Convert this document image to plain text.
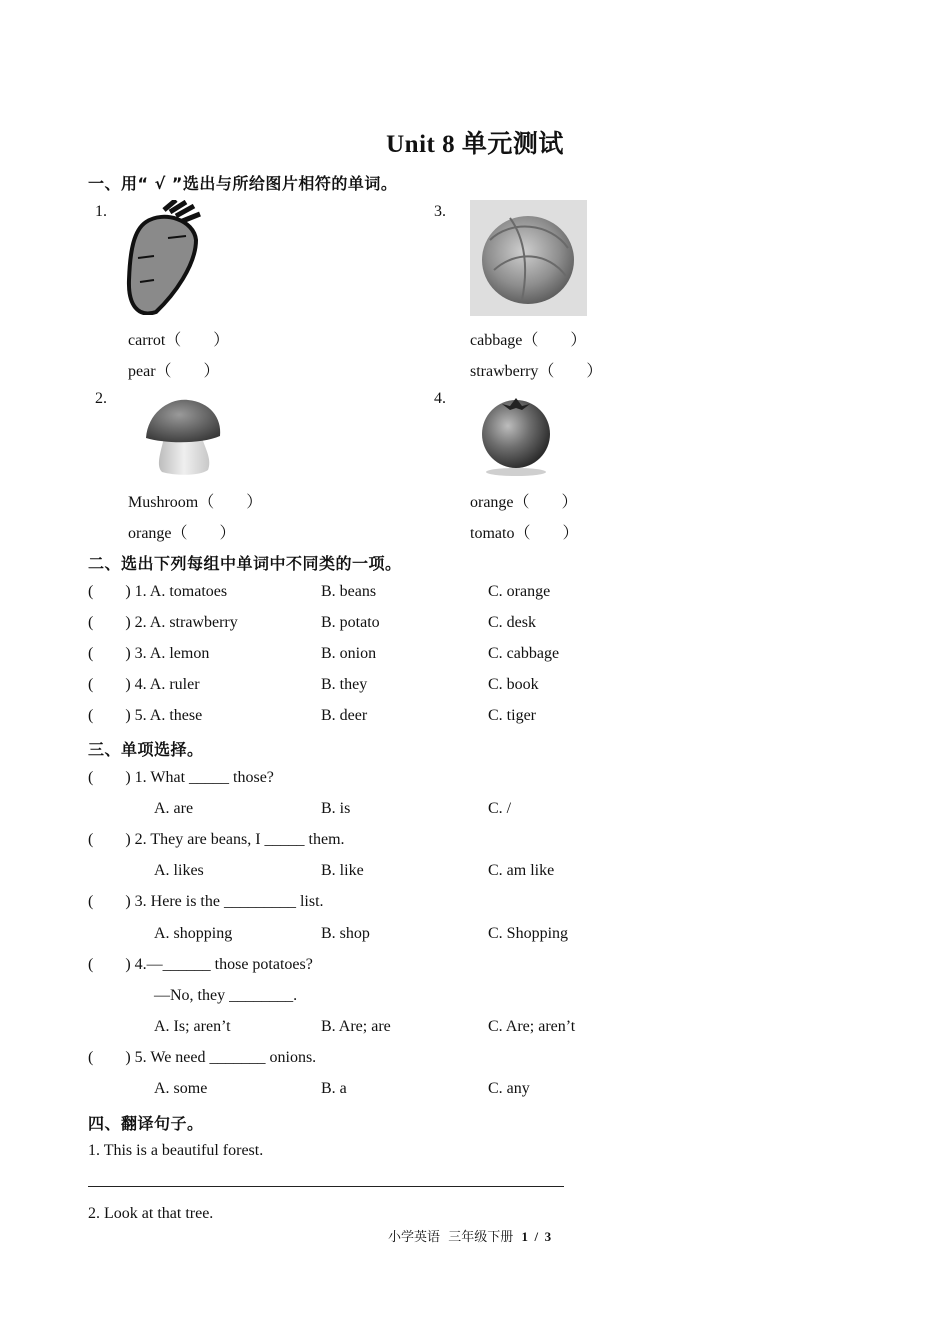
Unit 8 单元测试
一、用“ √ ”选出与所给图片相符的单词。
1.
carrot（        ）
pear（        ）
2.
Mushroom（        ）
orange（        ）
3.
cabbage（        ）
strawberry（        ）
4.
orange（        ）
tomato（        ）
二、选出下列每组中单词中不同类的一项。
(        ) 1. A. tomatoes	B. beans	C. orange
(        ) 2. A. strawberry	B. potato	C. desk
(        ) 3. A. lemon	B. onion	C. cabbage
(        ) 4. A. ruler	B. they	C. book
(        ) 5. A. these	B. deer	C. tiger
三、单项选择。
(        ) 1. What _____ those?
A. are	B. is	C. /
(        ) 2. They are beans, I _____ them.
A. likes	B. like	C. am like
(        ) 3. Here is the _________ list.
A. shopping	B. shop	C. Shopping
(        ) 4.—______ those potatoes?
—No, they ________.
A. Is; aren’t	B. Are; are	C. Are; aren’t
(        ) 5. We need _______ onions.
A. some	B. a	C. any
四、翻译句子。
1. This is a beautiful forest.
2. Look at that tree.
小学英语  三年级下册 1  /  3
